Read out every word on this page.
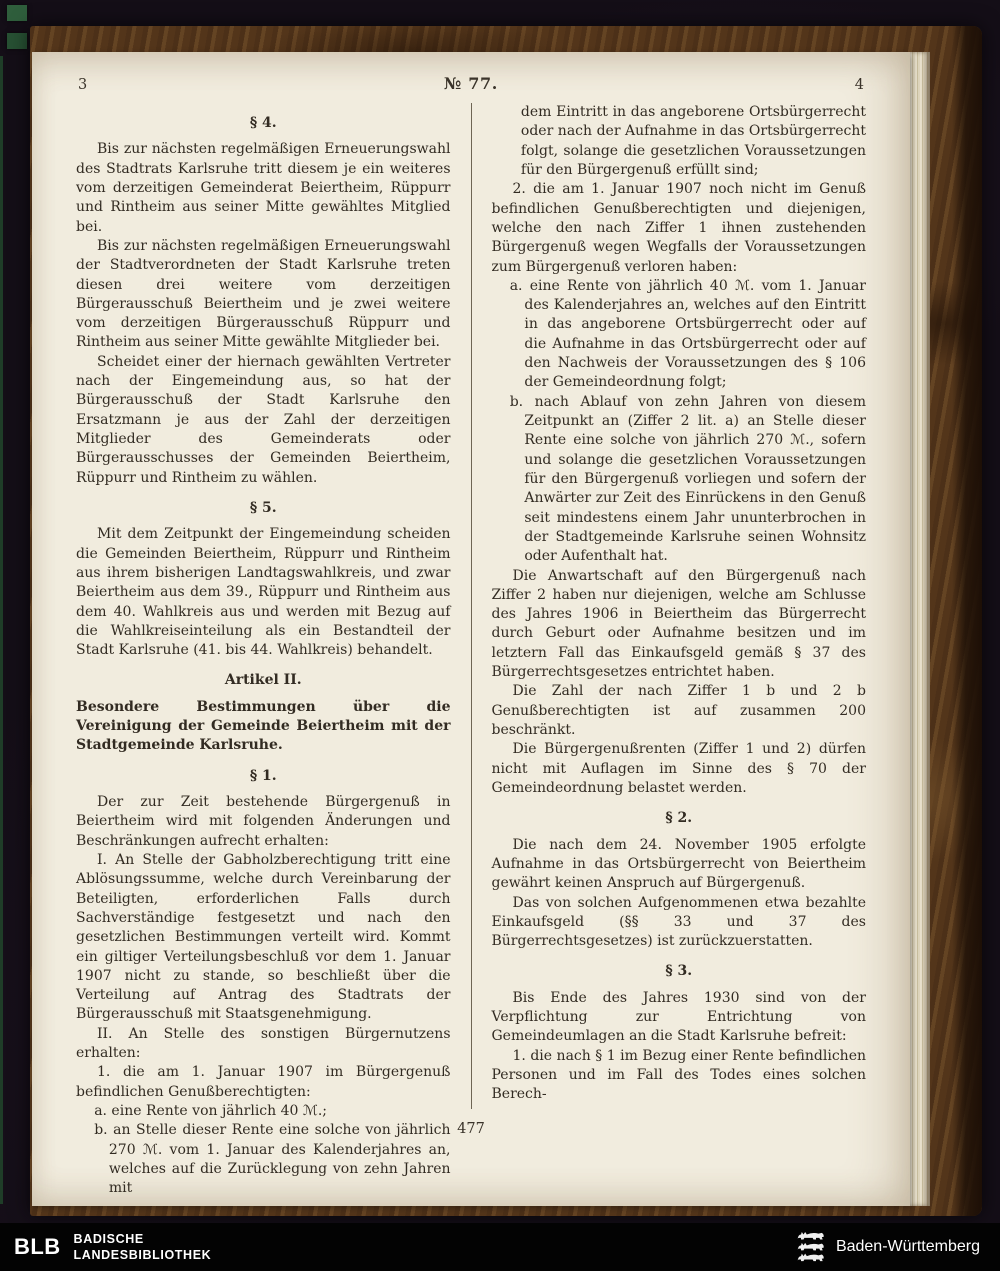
3	№ 77.	4
§ 4.
Bis zur nächsten regelmäßigen Erneuerungswahl des Stadtrats Karlsruhe tritt diesem je ein weiteres vom derzeitigen Gemeinderat Beiertheim, Rüppurr und Rintheim aus seiner Mitte gewähltes Mitglied bei.
Bis zur nächsten regelmäßigen Erneuerungswahl der Stadtverordneten der Stadt Karlsruhe treten diesen drei weitere vom derzeitigen Bürgerausschuß Beiertheim und je zwei weitere vom derzeitigen Bürgerausschuß Rüppurr und Rintheim aus seiner Mitte gewählte Mitglieder bei.
Scheidet einer der hiernach gewählten Vertreter nach der Eingemeindung aus, so hat der Bürgerausschuß der Stadt Karlsruhe den Ersatzmann je aus der Zahl der derzeitigen Mitglieder des Gemeinderats oder Bürgerausschusses der Gemeinden Beiertheim, Rüppurr und Rintheim zu wählen.
§ 5.
Mit dem Zeitpunkt der Eingemeindung scheiden die Gemeinden Beiertheim, Rüppurr und Rintheim aus ihrem bisherigen Landtagswahlkreis, und zwar Beiertheim aus dem 39., Rüppurr und Rintheim aus dem 40. Wahlkreis aus und werden mit Bezug auf die Wahlkreiseinteilung als ein Bestandteil der Stadt Karlsruhe (41. bis 44. Wahlkreis) behandelt.
Artikel II.
Besondere Bestimmungen über die Vereinigung der Gemeinde Beiertheim mit der Stadtgemeinde Karlsruhe.
§ 1.
Der zur Zeit bestehende Bürgergenuß in Beiertheim wird mit folgenden Änderungen und Beschränkungen aufrecht erhalten:
I. An Stelle der Gabholzberechtigung tritt eine Ablösungssumme, welche durch Vereinbarung der Beteiligten, erforderlichen Falls durch Sachverständige festgesetzt und nach den gesetzlichen Bestimmungen verteilt wird. Kommt ein giltiger Verteilungsbeschluß vor dem 1. Januar 1907 nicht zu stande, so beschließt über die Verteilung auf Antrag des Stadtrats der Bürgerausschuß mit Staatsgenehmigung.
II. An Stelle des sonstigen Bürgernutzens erhalten:
1. die am 1. Januar 1907 im Bürgergenuß befindlichen Genußberechtigten:
a. eine Rente von jährlich 40 ℳ.;
b. an Stelle dieser Rente eine solche von jährlich 270 ℳ. vom 1. Januar des Kalenderjahres an, welches auf die Zurücklegung von zehn Jahren mit
dem Eintritt in das angeborene Ortsbürgerrecht oder nach der Aufnahme in das Ortsbürgerrecht folgt, solange die gesetzlichen Voraussetzungen für den Bürgergenuß erfüllt sind;
2. die am 1. Januar 1907 noch nicht im Genuß befindlichen Genußberechtigten und diejenigen, welche den nach Ziffer 1 ihnen zustehenden Bürgergenuß wegen Wegfalls der Voraussetzungen zum Bürgergenuß verloren haben:
a. eine Rente von jährlich 40 ℳ. vom 1. Januar des Kalenderjahres an, welches auf den Eintritt in das angeborene Ortsbürgerrecht oder auf die Aufnahme in das Ortsbürgerrecht oder auf den Nachweis der Voraussetzungen des § 106 der Gemeindeordnung folgt;
b. nach Ablauf von zehn Jahren von diesem Zeitpunkt an (Ziffer 2 lit. a) an Stelle dieser Rente eine solche von jährlich 270 ℳ., sofern und solange die gesetzlichen Voraussetzungen für den Bürgergenuß vorliegen und sofern der Anwärter zur Zeit des Einrückens in den Genuß seit mindestens einem Jahr ununterbrochen in der Stadtgemeinde Karlsruhe seinen Wohnsitz oder Aufenthalt hat.
Die Anwartschaft auf den Bürgergenuß nach Ziffer 2 haben nur diejenigen, welche am Schlusse des Jahres 1906 in Beiertheim das Bürgerrecht durch Geburt oder Aufnahme besitzen und im letztern Fall das Einkaufsgeld gemäß § 37 des Bürgerrechtsgesetzes entrichtet haben.
Die Zahl der nach Ziffer 1 b und 2 b Genußberechtigten ist auf zusammen 200 beschränkt.
Die Bürgergenußrenten (Ziffer 1 und 2) dürfen nicht mit Auflagen im Sinne des § 70 der Gemeindeordnung belastet werden.
§ 2.
Die nach dem 24. November 1905 erfolgte Aufnahme in das Ortsbürgerrecht von Beiertheim gewährt keinen Anspruch auf Bürgergenuß.
Das von solchen Aufgenommenen etwa bezahlte Einkaufsgeld (§§ 33 und 37 des Bürgerrechtsgesetzes) ist zurückzuerstatten.
§ 3.
Bis Ende des Jahres 1930 sind von der Verpflichtung zur Entrichtung von Gemeindeumlagen an die Stadt Karlsruhe befreit:
1. die nach § 1 im Bezug einer Rente befindlichen Personen und im Fall des Todes eines solchen Berech-
477
BLB BADISCHE
LANDESBIBLIOTHEK	Baden-Württemberg
